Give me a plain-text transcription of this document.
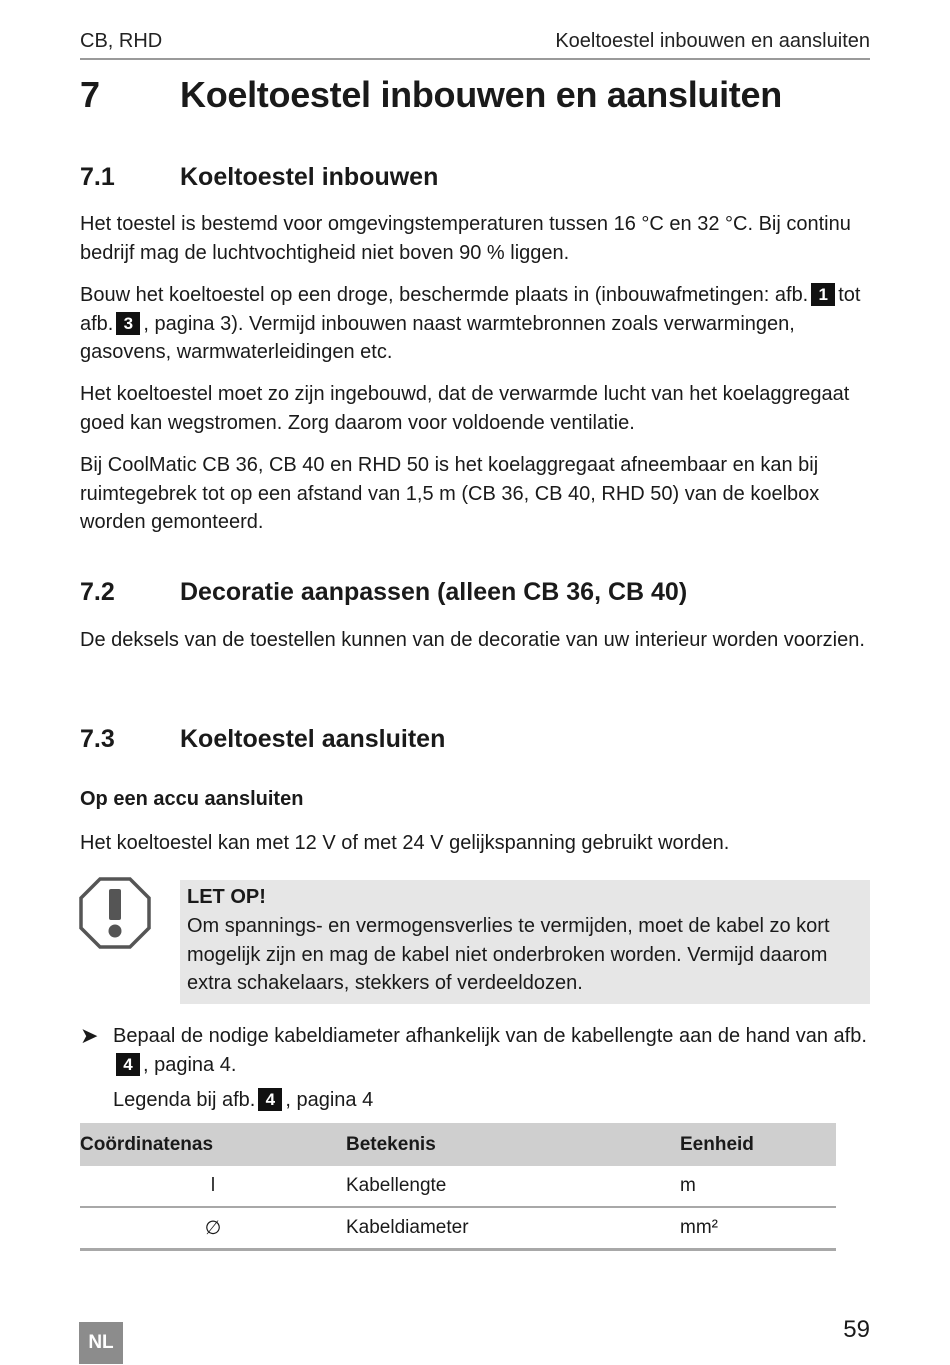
CB, RHD	Koeltoestel inbouwen en aansluiten
7 Koeltoestel inbouwen en aansluiten
7.1	Koeltoestel inbouwen

Het toestel is bestemd voor omgevingstemperaturen tussen 16 °C en 32 °C. Bij continu bedrijf mag de luchtvochtigheid niet boven 90 % liggen.

Bouw het koeltoestel op een droge, beschermde plaats in (inbouwafmetingen: afb. 1 tot afb. 3 , pagina 3). Vermijd inbouwen naast warmtebronnen zoals verwarmingen, gasovens, warmwaterleidingen etc.

Het koeltoestel moet zo zijn ingebouwd, dat de verwarmde lucht van het koelaggregaat goed kan wegstromen. Zorg daarom voor voldoende ventilatie.

Bij CoolMatic CB 36, CB 40 en RHD 50 is het koelaggregaat afneembaar en kan bij ruimtegebrek tot op een afstand van 1,5 m (CB 36, CB 40, RHD 50) van de koelbox worden gemonteerd.

7.2	Decoratie aanpassen (alleen CB 36, CB 40)

De deksels van de toestellen kunnen van de decoratie van uw interieur worden voorzien.

7.3	Koeltoestel aansluiten
Op een accu aansluiten

Het koeltoestel kan met 12 V of met 24 V gelijkspanning gebruikt worden.

LET OP!
Om spannings- en vermogensverlies te vermijden, moet de kabel zo kort mogelijk zijn en mag de kabel niet onderbroken worden. Vermijd daarom extra schakelaars, stekkers of verdeeldozen.
➤ Bepaal de nodige kabeldiameter afhankelijk van de kabellengte aan de hand van afb.4 , pagina 4.
Legenda bij afb. 4 , pagina 4
Coördinatenas	Betekenis	Eenheid
l	Kabellengte	m
∅	Kabeldiameter	mm²
NL	59
